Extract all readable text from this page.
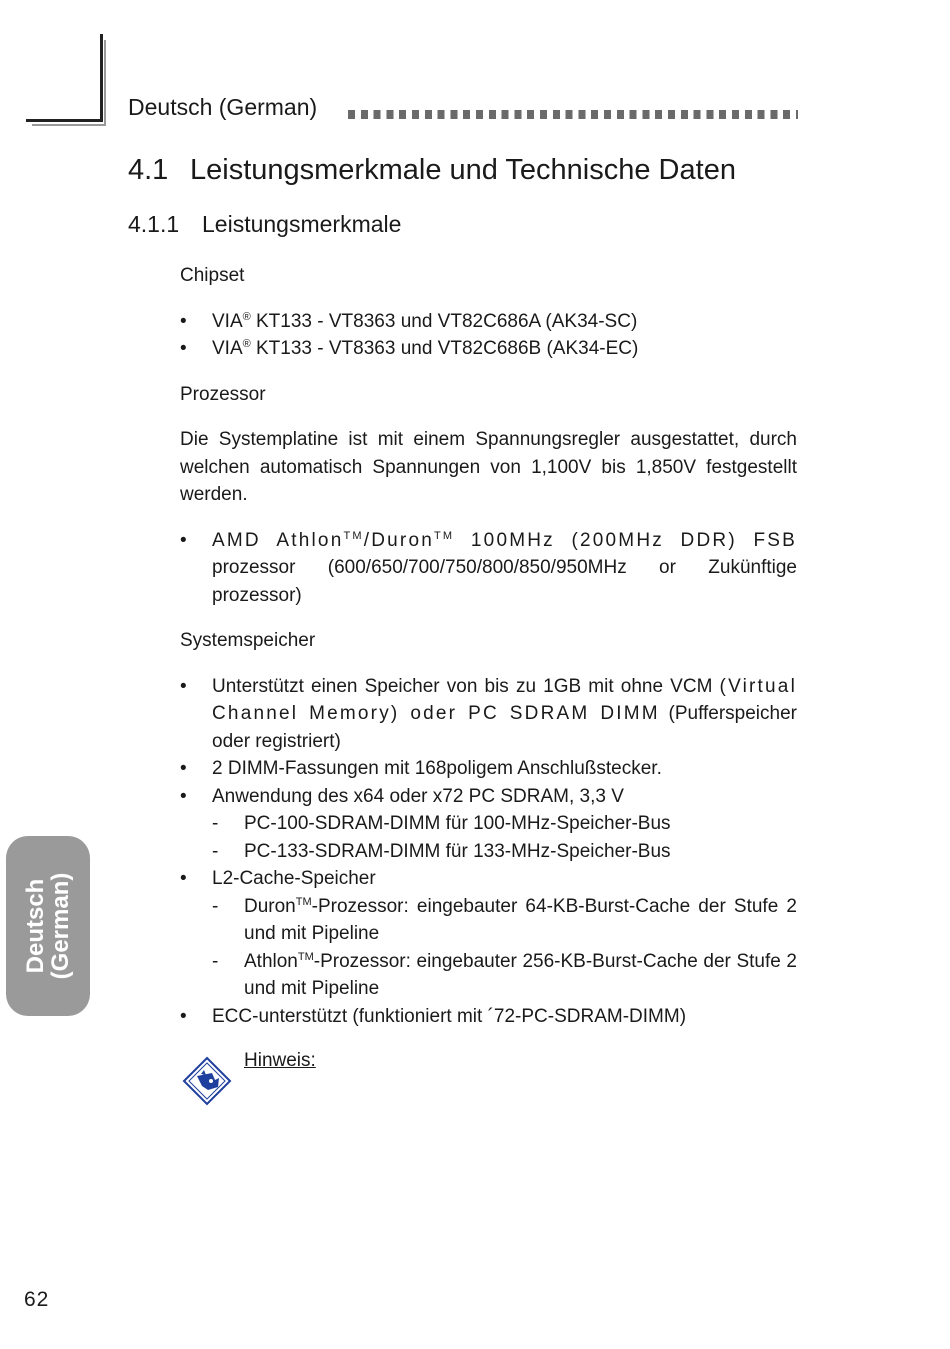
Deutsch (German)
4.1 Leistungsmerkmale und Technische Daten
4.1.1 Leistungsmerkmale

Chipset

• VIA® KT133 - VT8363 und VT82C686A (AK34-SC)
• VIA® KT133 - VT8363 und VT82C686B (AK34-EC)

Prozessor

Die Systemplatine ist mit einem Spannungsregler ausgestattet, durch welchen automatisch Spannungen von 1,100V bis 1,850V festgestellt werden.

• AMD Athlon™/Duron™ 100MHz (200MHz DDR) FSB prozessor (600/650/700/750/800/850/950MHz or Zukünftige prozessor)

Systemspeicher

• Unterstützt einen Speicher von bis zu 1GB mit ohne VCM (Virtual Channel Memory) oder PC SDRAM DIMM (Pufferspeicher oder registriert)
• 2 DIMM-Fassungen mit 168poligem Anschlußstecker.
• Anwendung des x64 oder x72 PC SDRAM, 3,3 V
- PC-100-SDRAM-DIMM für 100-MHz-Speicher-Bus
- PC-133-SDRAM-DIMM für 133-MHz-Speicher-Bus
• L2-Cache-Speicher
- Duron™-Prozessor: eingebauter 64-KB-Burst-Cache der Stufe 2 und mit Pipeline
- Athlon™-Prozessor: eingebauter 256-KB-Burst-Cache der Stufe 2 und mit Pipeline
• ECC-unterstützt (funktioniert mit ´72-PC-SDRAM-DIMM)
Hinweis:
Deutsch
(German)
62
